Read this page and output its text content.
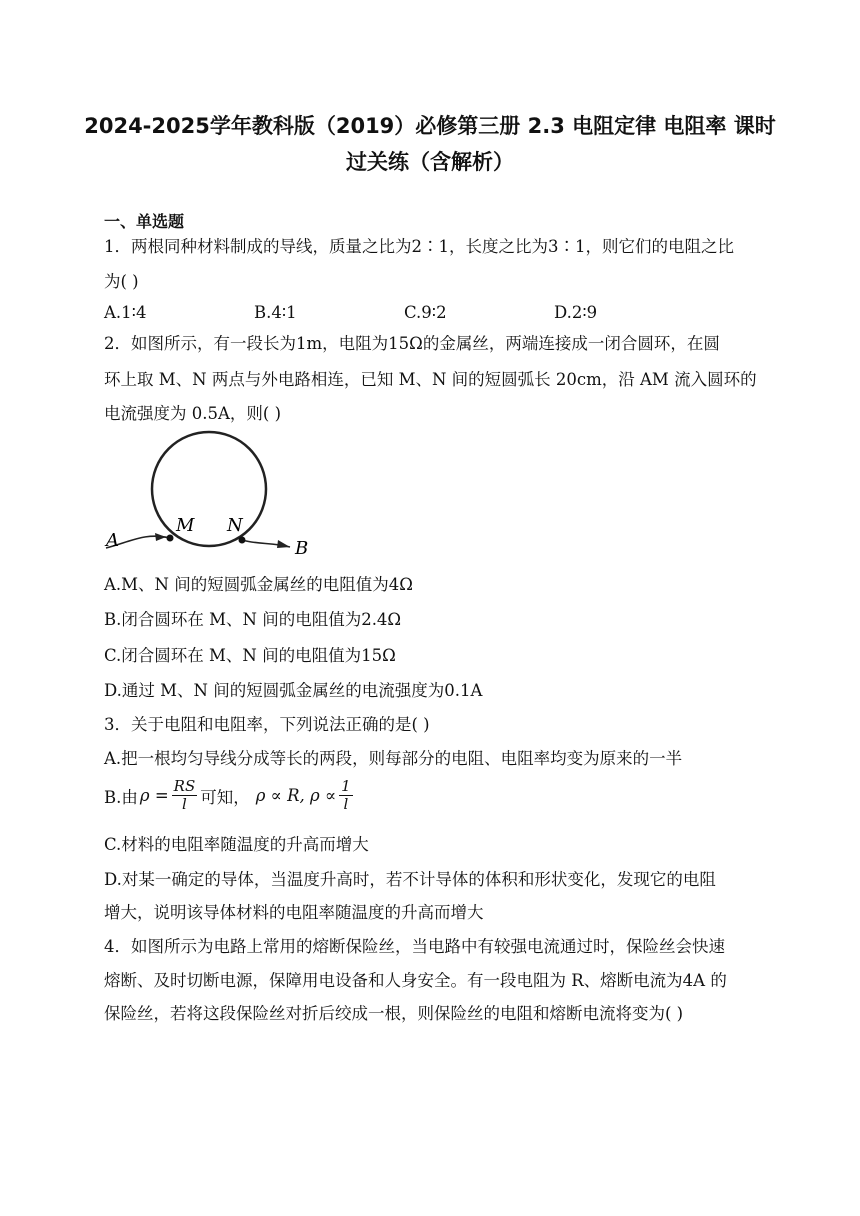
2024-2025学年教科版（2019）必修第三册 2.3 电阻定律 电阻率 课时
过关练（含解析）
一、单选题
1．两根同种材料制成的导线，质量之比为2∶1，长度之比为3∶1，则它们的电阻之比
为( )
A.1∶4	B.4∶1	C.9∶2	D.2∶9
2．如图所示，有一段长为1m，电阻为15Ω的金属丝，两端连接成一闭合圆环，在圆
环上取 M、N 两点与外电路相连，已知 M、N 间的短圆弧长 20cm，沿 AM 流入圆环的
电流强度为 0.5A，则( )
A
M N
B
A.M、N 间的短圆弧金属丝的电阻值为4Ω
B.闭合圆环在 M、N 间的电阻值为2.4Ω
C.闭合圆环在 M、N 间的电阻值为15Ω
D.通过 M、N 间的短圆弧金属丝的电流强度为0.1A
3．关于电阻和电阻率，下列说法正确的是( )
A.把一根均匀导线分成等长的两段，则每部分的电阻、电阻率均变为原来的一半
B.由 $\rho = \frac{RS}{l}$ 可知， ρ ∝ R, $\rho \propto \frac{1}{l}$
C.材料的电阻率随温度的升高而增大
D.对某一确定的导体，当温度升高时，若不计导体的体积和形状变化，发现它的电阻
增大，说明该导体材料的电阻率随温度的升高而增大
4．如图所示为电路上常用的熔断保险丝，当电路中有较强电流通过时，保险丝会快速
熔断、及时切断电源，保障用电设备和人身安全。有一段电阻为 R、熔断电流为4A 的
保险丝，若将这段保险丝对折后绞成一根，则保险丝的电阻和熔断电流将变为( )
